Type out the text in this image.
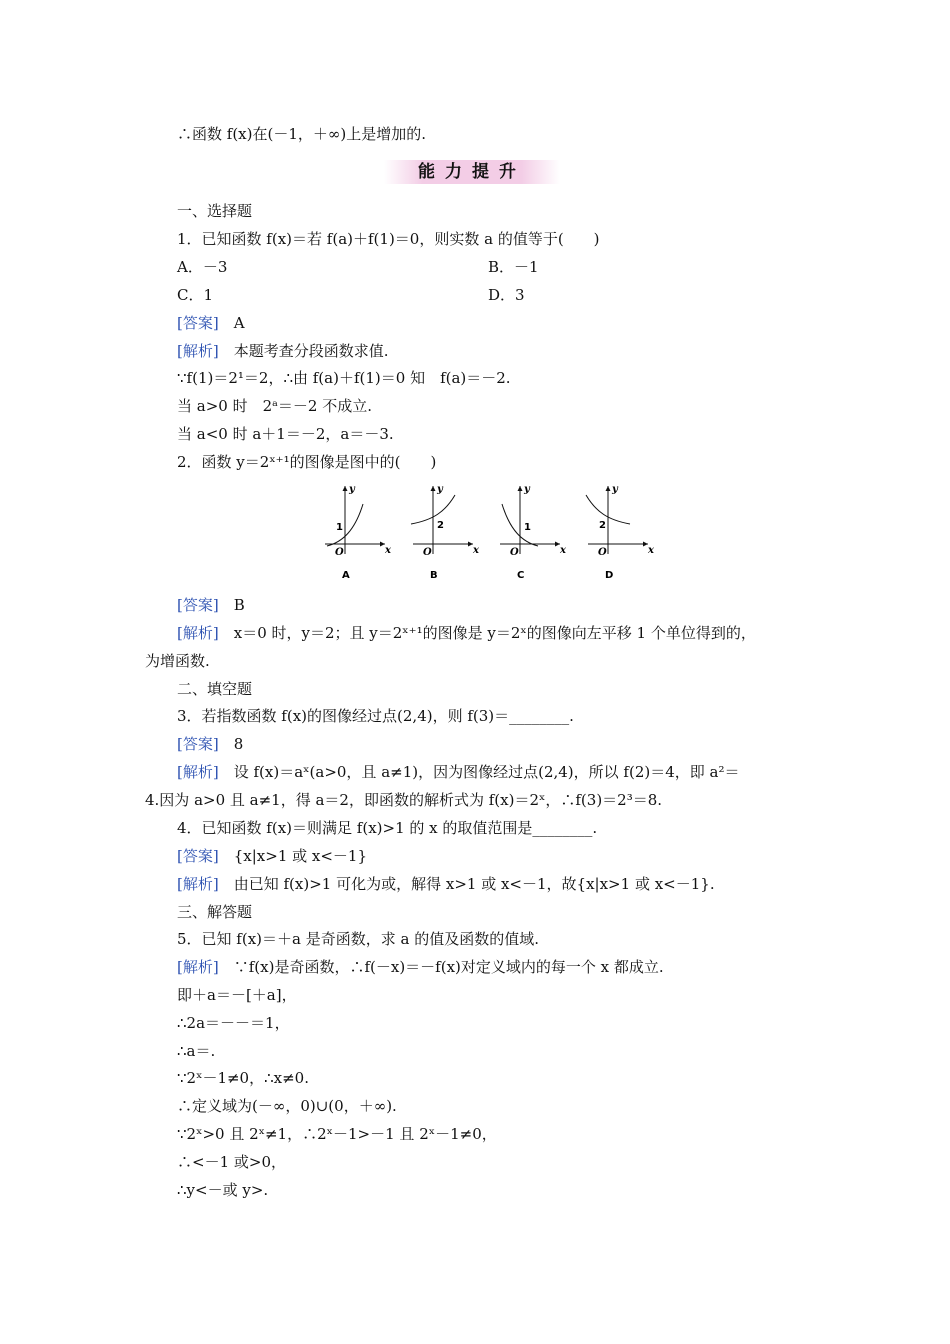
∴函数 f(x)在(－1，＋∞)上是增加的.
能力提升
一、选择题
1．已知函数 f(x)＝若 f(a)＋f(1)＝0，则实数 a 的值等于(　　)
A．－3	B．－1
C．1	D．3
[答案]　 A
[解析]　 本题考查分段函数求值.
∵f(1)＝2¹＝2，∴由 f(a)＋f(1)＝0 知　f(a)＝－2.
当 a>0 时　2ᵃ＝－2 不成立.
当 a<0 时 a＋1＝－2，a＝－3.
2．函数 y＝2ˣ⁺¹的图像是图中的(　　)
y
x
O
1
A
y
x
O
2
B
y
x
O
1
C
y
x
O
2
D
[答案]　 B
[解析]　 x＝0 时，y＝2；且 y＝2ˣ⁺¹的图像是 y＝2ˣ的图像向左平移 1 个单位得到的，
为增函数.
二、填空题
3．若指数函数 f(x)的图像经过点(2,4)，则 f(3)＝________.
[答案]　 8
[解析]　 设 f(x)＝aˣ(a>0，且 a≠1)，因为图像经过点(2,4)，所以 f(2)＝4，即 a²＝
4.因为 a>0 且 a≠1，得 a＝2，即函数的解析式为 f(x)＝2ˣ，∴f(3)＝2³＝8.
4．已知函数 f(x)＝则满足 f(x)>1 的 x 的取值范围是________.
[答案]　 {x|x>1 或 x<－1}
[解析]　 由已知 f(x)>1 可化为或，解得 x>1 或 x<－1，故{x|x>1 或 x<－1}.
三、解答题
5．已知 f(x)＝＋a 是奇函数，求 a 的值及函数的值域.
[解析]　 ∵f(x)是奇函数，∴f(－x)＝－f(x)对定义域内的每一个 x 都成立.
即＋a＝－[＋a]，
∴2a＝－－＝1，
∴a＝.
∵2ˣ－1≠0，∴x≠0.
∴定义域为(－∞，0)∪(0，＋∞).
∵2ˣ>0 且 2ˣ≠1，∴2ˣ－1>－1 且 2ˣ－1≠0，
∴<－1 或>0，
∴y<－或 y>.
